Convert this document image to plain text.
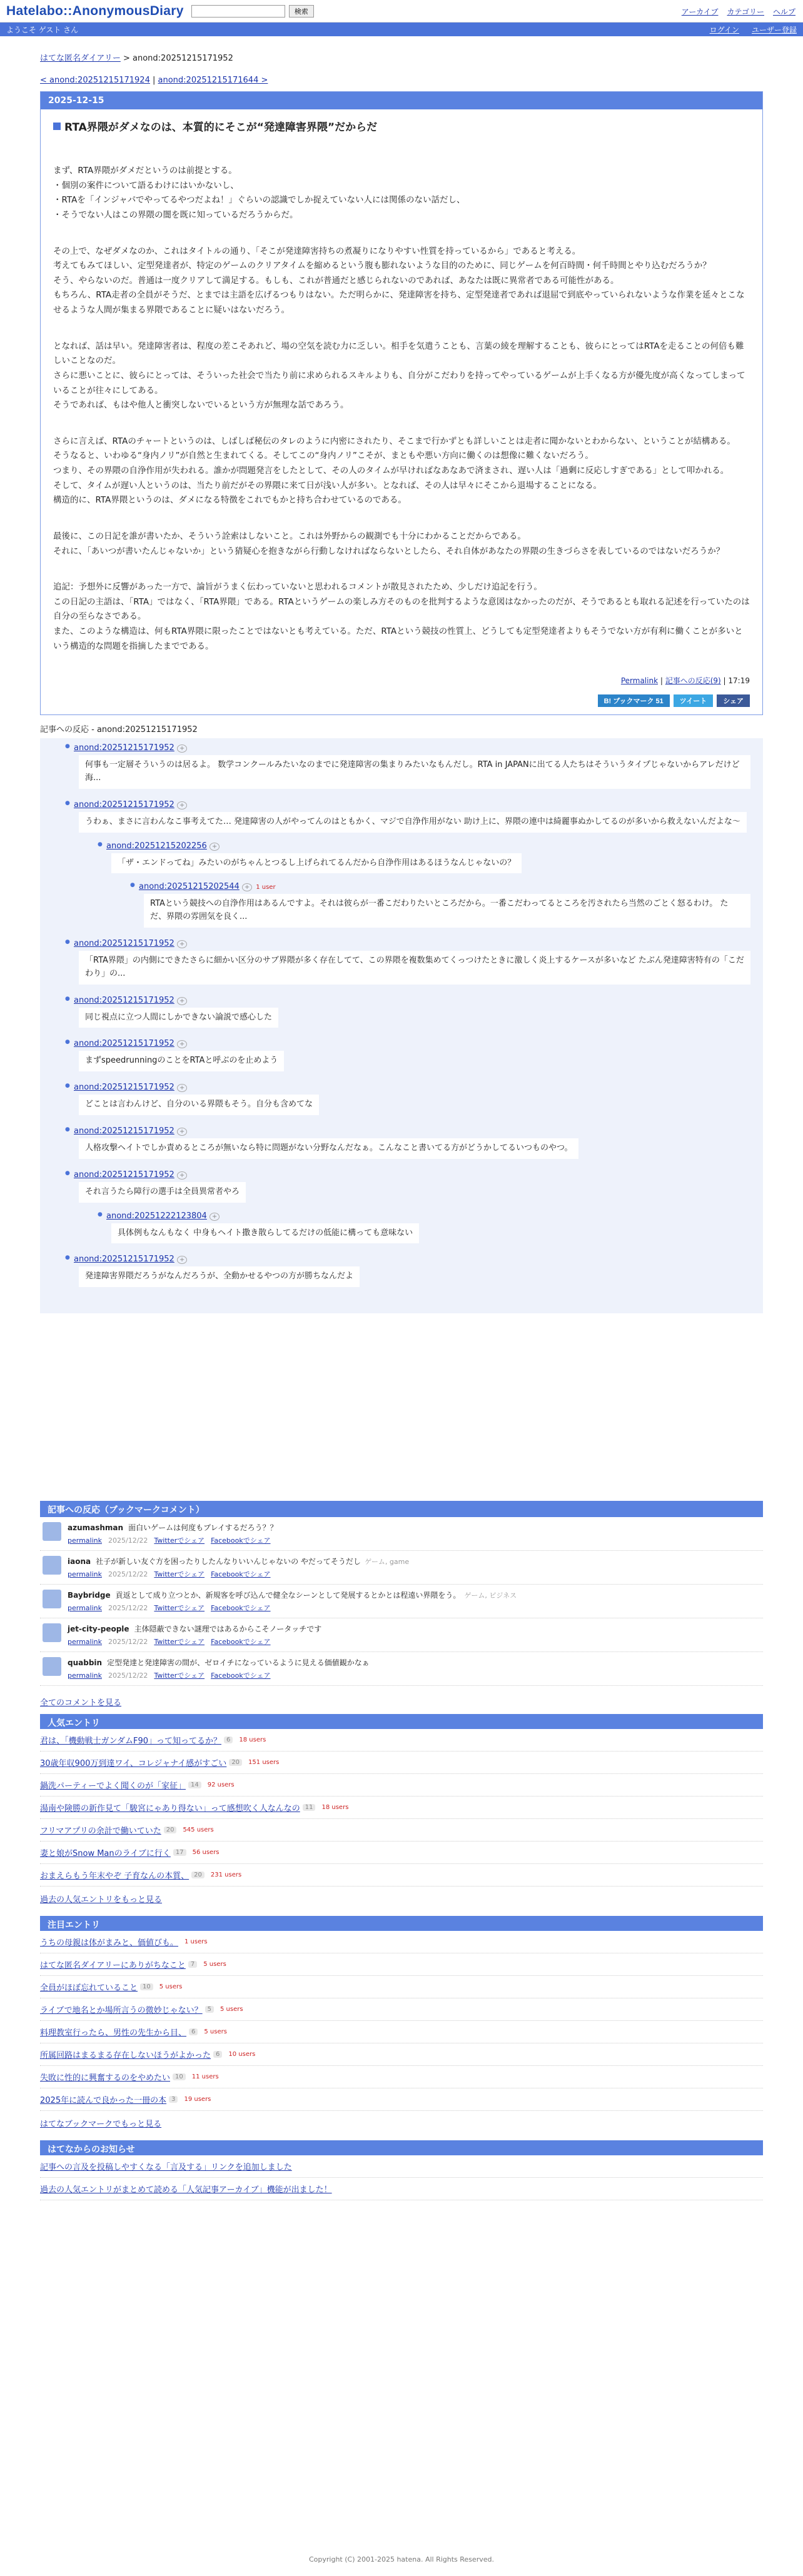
Hatelabo::AnonymousDiary	検索	アーカイブ カテゴリー ヘルプ
ようこそ ゲスト さん	ログイン ユーザー登録
はてな匿名ダイアリー > anond:20251215171952
< anond:20251215171924 | anond:20251215171644 >
2025-12-15
RTA界隈がダメなのは、本質的にそこが“発達障害界隈”だからだ

まず、RTA界隈がダメだというのは前提とする。
・個別の案件について語るわけにはいかないし、
・RTAを「インジャパでやってるやつだよね！」ぐらいの認識でしか捉えていない人には関係のない話だし、
・そうでない人はこの界隈の闇を既に知っているだろうからだ。

その上で、なぜダメなのか、これはタイトルの通り、「そこが発達障害持ちの煮凝りになりやすい性質を持っているから」であると考える。
考えてもみてほしい、定型発達者が、特定のゲームのクリアタイムを縮めるという腹も膨れないような目的のために、同じゲームを何百時間・何千時間とやり込むだろうか？
そう、やらないのだ。普通は一度クリアして満足する。もしも、これが普通だと感じられないのであれば、あなたは既に異常者である可能性がある。
もちろん、RTA走者の全員がそうだ、とまでは主語を広げるつもりはない。ただ明らかに、発達障害を持ち、定型発達者であれば退屈で到底やっていられないような作業を延々とこなせるような人間が集まる界隈であることに疑いはないだろう。

となれば、話は早い。発達障害者は、程度の差こそあれど、場の空気を読む力に乏しい。相手を気遣うことも、言葉の綾を理解することも、彼らにとってはRTAを走ることの何倍も難しいことなのだ。
さらに悪いことに、彼らにとっては、そういった社会で当たり前に求められるスキルよりも、自分がこだわりを持ってやっているゲームが上手くなる方が優先度が高くなってしまっていることが往々にしてある。
そうであれば、もはや他人と衝突しないでいるという方が無理な話であろう。

さらに言えば、RTAのチャートというのは、しばしば秘伝のタレのように内密にされたり、そこまで行かずとも詳しいことは走者に聞かないとわからない、ということが結構ある。
そうなると、いわゆる“身内ノリ”が自然と生まれてくる。そしてこの“身内ノリ”こそが、まともや悪い方向に働くのは想像に難くないだろう。
つまり、その界隈の自浄作用が失われる。誰かが問題発言をしたとして、その人のタイムが早ければなあなあで済まされ、遅い人は「過剰に反応しすぎである」として叩かれる。
そして、タイムが遅い人というのは、当たり前だがその界隈に来て日が浅い人が多い。となれば、その人は早々にそこから退場することになる。
構造的に、RTA界隈というのは、ダメになる特徴をこれでもかと持ち合わせているのである。

最後に、この日記を誰が書いたか、そういう詮索はしないこと。これは外野からの観測でも十分にわかることだからである。
それに、「あいつが書いたんじゃないか」という猜疑心を抱きながら行動しなければならないとしたら、それ自体があなたの界隈の生きづらさを表しているのではないだろうか？

追記：予想外に反響があった一方で、論旨がうまく伝わっていないと思われるコメントが散見されたため、少しだけ追記を行う。
この日記の主語は、「RTA」ではなく、「RTA界隈」である。RTAというゲームの楽しみ方そのものを批判するような意図はなかったのだが、そうであるとも取れる記述を行っていたのは自分の至らなさである。
また、このような構造は、何もRTA界隈に限ったことではないとも考えている。ただ、RTAという競技の性質上、どうしても定型発達者よりもそうでない方が有利に働くことが多いという構造的な問題を指摘したまでである。

Permalink | 記事への反応(9) | 17:19
B! ブックマーク 51	ツイート	シェア
記事への反応 - anond:20251215171952
● anond:20251215171952 +
何事も一定層そういうのは居るよ。 数学コンクールみたいなのまでに発達障害の集まりみたいなもんだし。RTA in JAPANに出てる人たちはそういうタイプじゃないからアレだけど 海...
● anond:20251215171952 +
うわぁ、まさに言わんなこ事考えてた… 発達障害の人がやってんのはともかく、マジで自浄作用がない 助け上に、界隈の連中は綺麗事ぬかしてるのが多いから救えないんだよな〜
● anond:20251215202256 +
「ザ・エンドってね」みたいのがちゃんとつるし上げられてるんだから自浄作用はあるほうなんじゃないの？
● anond:20251215202544 + 1 user
RTAという競技への自浄作用はあるんですよ。それは彼らが一番こだわりたいところだから。一番こだわってるところを汚されたら当然のごとく怒るわけ。 ただ、界隈の雰囲気を良く...
● anond:20251215171952 +
「RTA界隈」の内側にできたさらに細かい区分のサブ界隈が多く存在してて、この界隈を複数集めてくっつけたときに激しく炎上するケースが多いなど たぶん発達障害特有の「こだわり」の...
● anond:20251215171952 +
同じ視点に立つ人間にしかできない論説で感心した
● anond:20251215171952 +
まずspeedrunningのことをRTAと呼ぶのを止めよう
● anond:20251215171952 +
どことは言わんけど、自分のいる界隈もそう。自分も含めてな
● anond:20251215171952 +
人格攻撃ヘイトでしか責めるところが無いなら特に問題がない分野なんだなぁ。こんなこと書いてる方がどうかしてるいつものやつ。
● anond:20251215171952 +
それ言うたら障行の選手は全員異常者やろ
● anond:20251222123804 +
具体例もなんもなく 中身もヘイト撒き散らしてるだけの低能に構っても意味ない
● anond:20251215171952 +
発達障害界隈だろうがなんだろうが、全動かせるやつの方が勝ちなんだよ
記事への反応（ブックマークコメント）
azumashman 面白いゲームは何度もプレイするだろう？？
permalink 2025/12/22 Twitterでシェア Facebookでシェア
iaona 社子が新しい友ぐ方を困ったりしたんなりいいんじゃないの やだってそうだし ゲーム, game
permalink 2025/12/22 Twitterでシェア Facebookでシェア
Baybridge 貢返として成り立つとか、新規客を呼び込んで健全なシーンとして発展するとかとは程遠い界隈をう。 ゲーム, ビジネス
permalink 2025/12/22 Twitterでシェア Facebookでシェア
jet-city-people 主体隠蔽できない謎理ではあるからこそノータッチです
permalink 2025/12/22 Twitterでシェア Facebookでシェア
quabbin 定型発達と発達障害の間が、ゼロイチになっているように見える価値観かなぁ
permalink 2025/12/22 Twitterでシェア Facebookでシェア
全てのコメントを見る
人気エントリ
君は、「機動戦士ガンダムF90」って知ってるか？ 6	18 users
30歳年収900万到達ワイ、コレジャナイ感がすごい 20	151 users
鍋洗パーティーでよく聞くのが「家征」 14	92 users
湯南や険勝の新作見て「駿宮にゃあり得ない」って感想吹く人なんなの 11	18 users
フリマアプリの余計で働いていた 20	545 users
妻と娘がSnow Manのライブに行く 17	56 users
おまえらもう年末やぞ 子育なんの本質、 20	231 users
過去の人気エントリをもっと見る
注目エントリ
うちの母親は体がまみと、価値びも。 1 users
はてな匿名ダイアリーにありがちなこと 7	5 users
全員がほぼ忘れていること 10	5 users
ライブで地名とか場所言うの微妙じゃない？ 5	5 users
料理教室行ったら、男性の先生から目、 6	5 users
所属回路はまるまる存在しないほうがよかった 6	10 users
失敗に性的に興奮するのをやめたい 10	11 users
2025年に読んで良かった一冊の本 3	19 users
はてなブックマークでもっと見る
はてなからのお知らせ
記事への言及を投稿しやすくなる「言及する」リンクを追加しました
過去の人気エントリがまとめて読める「人気記事アーカイブ」機能が出ました！
Copyright (C) 2001-2025 hatena. All Rights Reserved.
